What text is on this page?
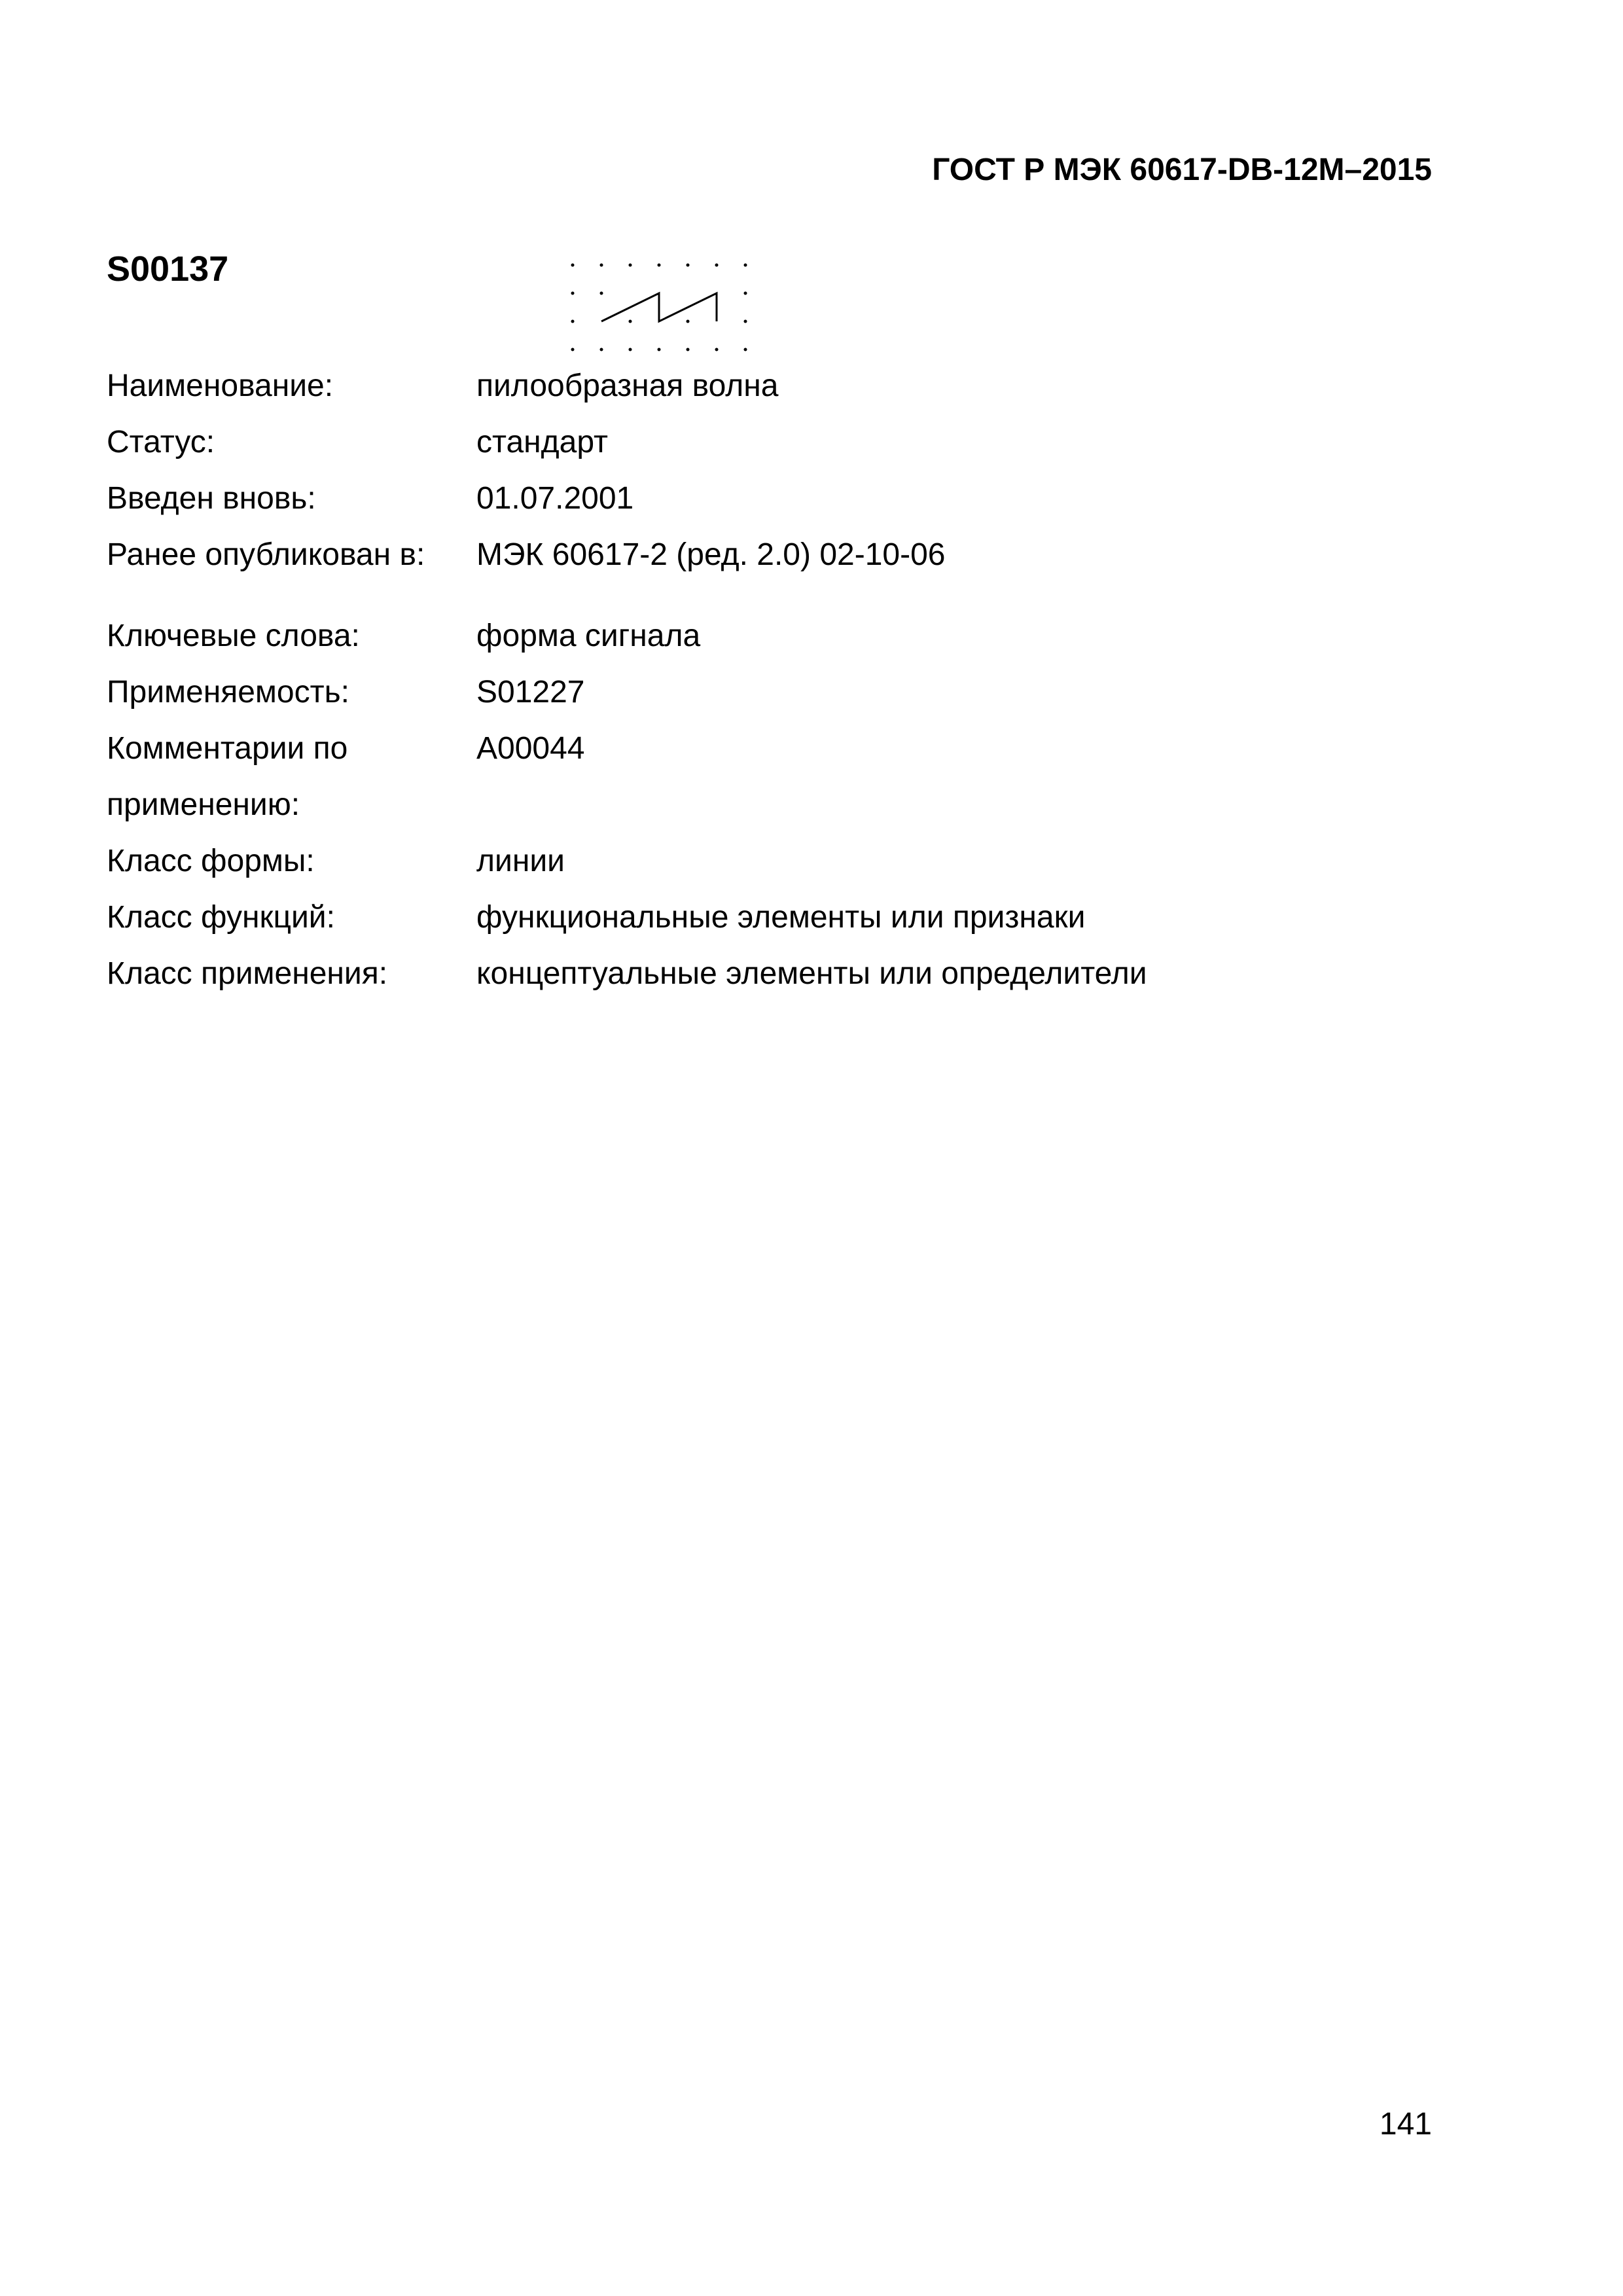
ГОСТ Р МЭК 60617-DB-12M–2015
S00137
Наименование:	пилообразная волна
Статус:	стандарт
Введен вновь:	01.07.2001
Ранее опубликован в: МЭК 60617-2 (ред. 2.0) 02-10-06
Ключевые слова:	форма сигнала
Применяемость:	S01227
Комментарии по
применению:
A00044
Класс формы:	линии
Класс функций:	функциональные элементы или признаки
Класс применения:	концептуальные элементы или определители
141
